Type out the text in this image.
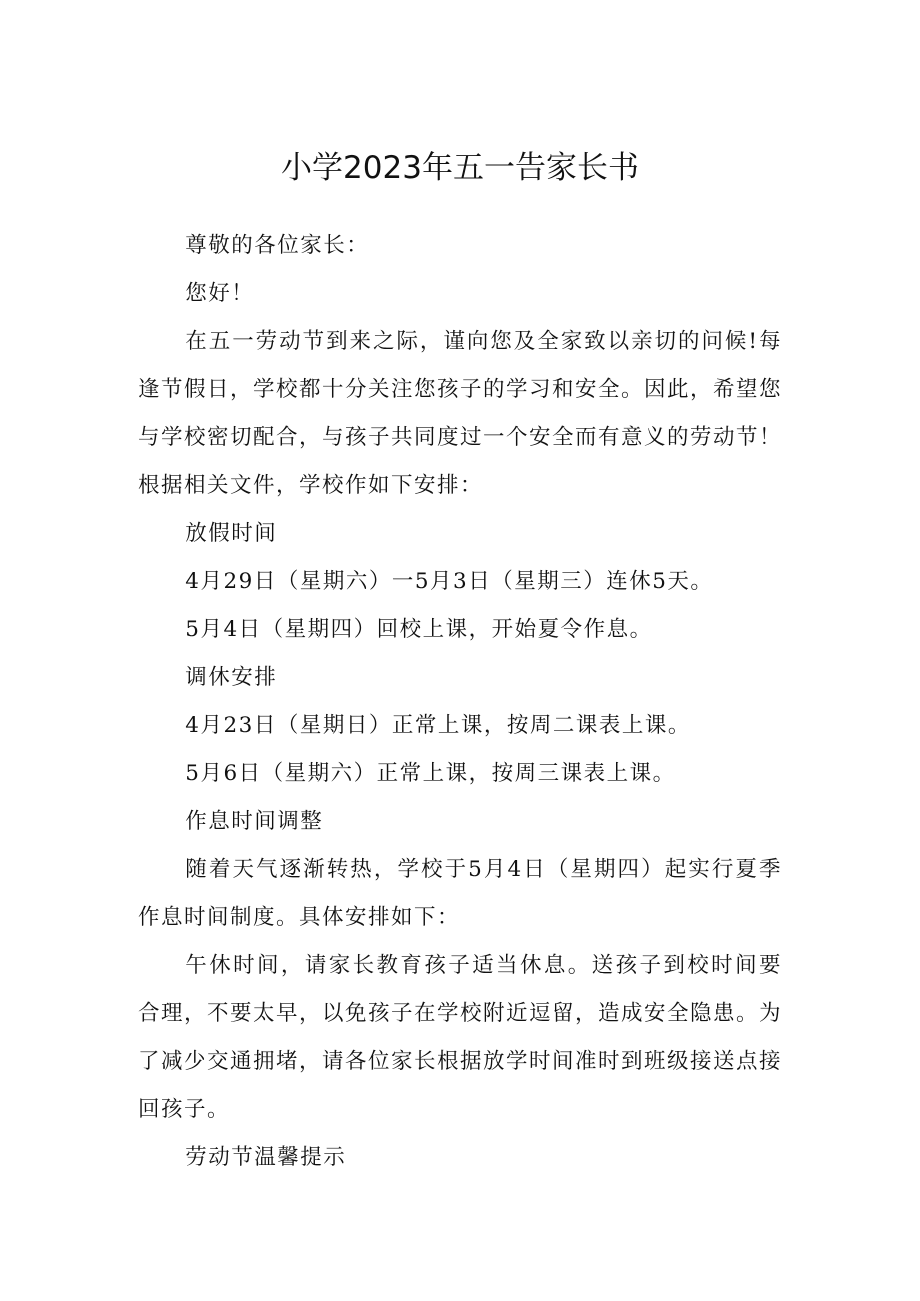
小学2023年五一告家长书

尊敬的各位家长：

您好！

在五一劳动节到来之际，谨向您及全家致以亲切的问候!每逢节假日，学校都十分关注您孩子的学习和安全。因此，希望您与学校密切配合，与孩子共同度过一个安全而有意义的劳动节！根据相关文件，学校作如下安排：

放假时间

4月29日（星期六）一5月3日（星期三）连休5天。

5月4日（星期四）回校上课，开始夏令作息。

调休安排

4月23日（星期日）正常上课，按周二课表上课。

5月6日（星期六）正常上课，按周三课表上课。

作息时间调整

随着天气逐渐转热，学校于5月4日（星期四）起实行夏季作息时间制度。具体安排如下：

午休时间，请家长教育孩子适当休息。送孩子到校时间要合理，不要太早，以免孩子在学校附近逗留，造成安全隐患。为了减少交通拥堵，请各位家长根据放学时间准时到班级接送点接回孩子。

劳动节温馨提示
